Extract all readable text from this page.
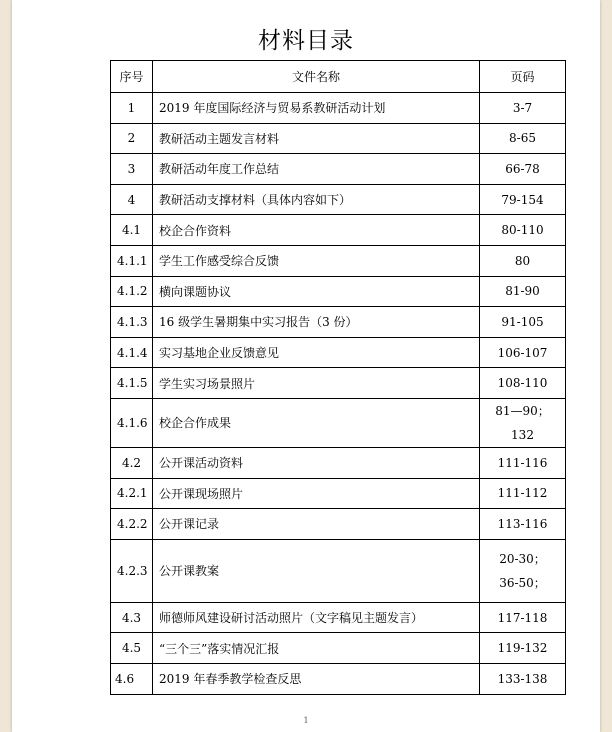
材料目录
序号	文件名称	页码
1	2019 年度国际经济与贸易系教研活动计划	3-7

2	教研活动主题发言材料	8-65

3	教研活动年度工作总结	66-78

4	教研活动支撑材料（具体内容如下）	79-154

4.1	校企合作资料	80-110

4.1.1	学生工作感受综合反馈	80

4.1.2	横向课题协议	81-90

4.1.3	16 级学生暑期集中实习报告（3 份）	91-105

4.1.4	实习基地企业反馈意见	106-107

4.1.5	学生实习场景照片	108-110

4.1.6	校企合作成果	81—90；132

4.2	公开课活动资料	111-116

4.2.1	公开课现场照片	111-112

4.2.2	公开课记录	113-116

4.2.3	公开课教案	20-30；
36-50；

4.3	师德师风建设研讨活动照片（文字稿见主题发言）	117-118

4.5	“三个三”落实情况汇报	119-132

4.6	2019 年春季教学检查反思	133-138
1
